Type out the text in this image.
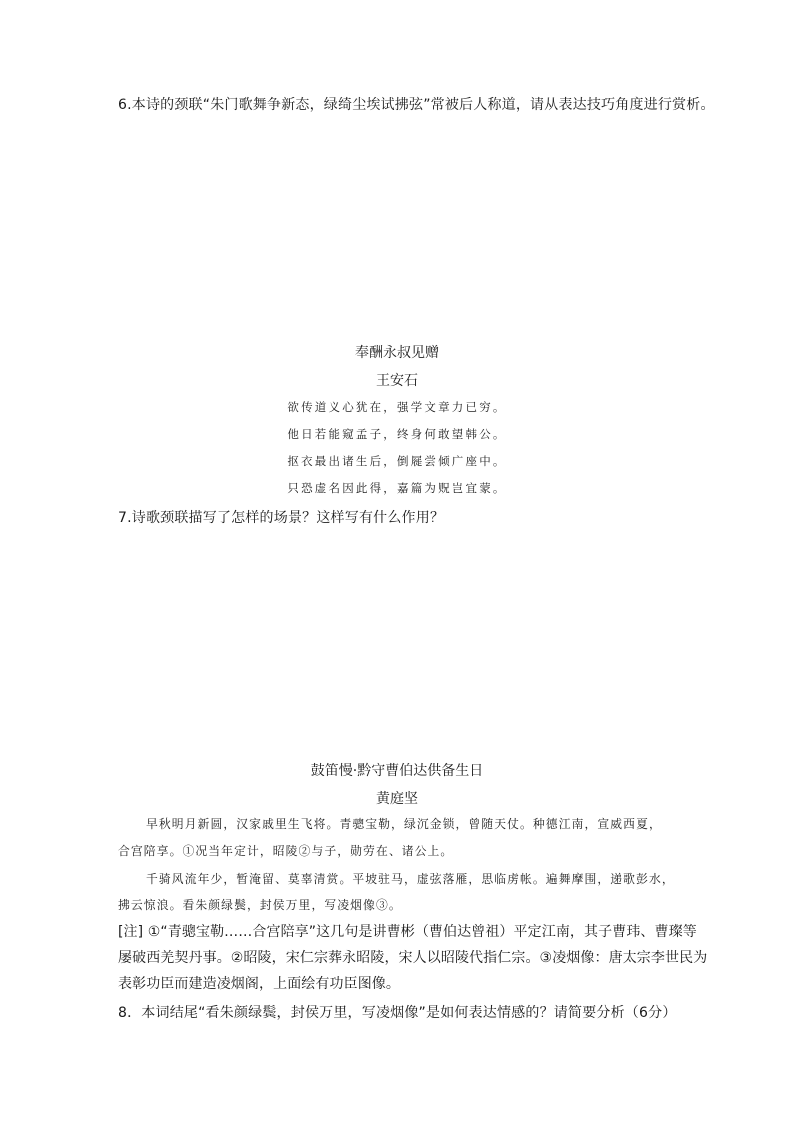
6.本诗的颈联“朱门歌舞争新态，绿绮尘埃试拂弦”常被后人称道，请从表达技巧角度进行赏析。
奉酬永叔见赠
王安石
欲传道义心犹在，强学文章力已穷。
他日若能窥孟子，终身何敢望韩公。
抠衣最出诸生后，倒屣尝倾广座中。
只恐虚名因此得，嘉篇为贶岂宜蒙。
7.诗歌颈联描写了怎样的场景？这样写有什么作用？
鼓笛慢·黔守曹伯达供备生日
黄庭坚
早秋明月新圆，汉家戚里生飞将。青骢宝勒，绿沉金锁，曾随天仗。种德江南，宣威西夏，
合宫陪享。①况当年定计，昭陵②与子，勋劳在、诸公上。
千骑风流年少，暂淹留、莫辜清赏。平坡驻马，虚弦落雁，思临虏帐。遍舞摩围，递歌彭水，
拂云惊浪。看朱颜绿鬓，封侯万里，写凌烟像③。
[注] ①“青骢宝勒……合宫陪享”这几句是讲曹彬（曹伯达曾祖）平定江南，其子曹玮、曹璨等
屡破西羌契丹事。②昭陵，宋仁宗葬永昭陵，宋人以昭陵代指仁宗。③凌烟像：唐太宗李世民为
表彰功臣而建造凌烟阁，上面绘有功臣图像。
8．本词结尾“看朱颜绿鬓，封侯万里，写凌烟像”是如何表达情感的？请简要分析（6分）
